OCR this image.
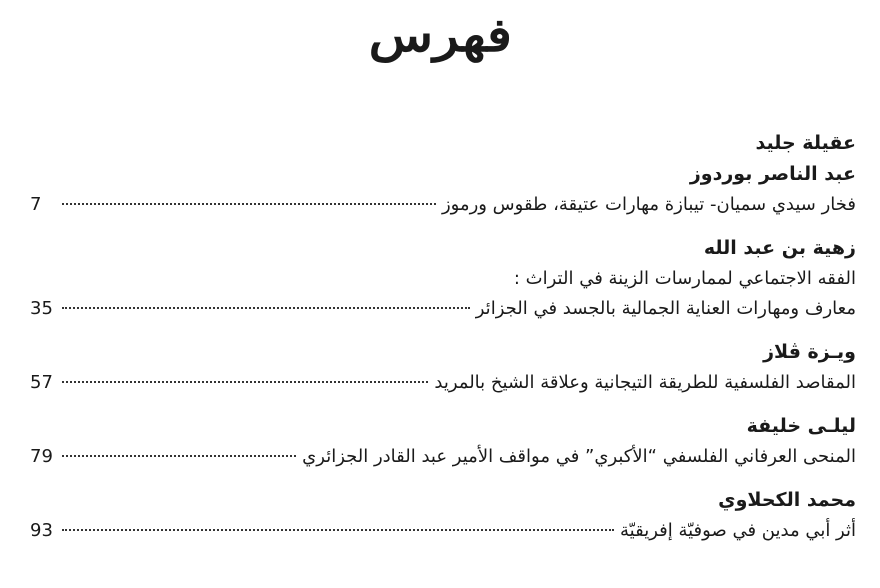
فهرس
عقيلة جليد
عبد الناصر بوردوز
فخار سيدي سميان- تيبازة مهارات عتيقة، طقوس ورموز
7
زهية بن عبد الله
الفقه الاجتماعي لممارسات الزينة في التراث :
معارف ومهارات العناية الجمالية بالجسد في الجزائر
35
ويـزة ڤلاز
المقاصد الفلسفية للطريقة التيجانية وعلاقة الشيخ بالمريد
57
ليلـى خليفة
المنحى العرفاني الفلسفي “الأكبري” في مواقف الأمير عبد القادر الجزائري
79
محمد الكحلاوي
أثر أبي مدين في صوفيّة إفريقيّة
93
